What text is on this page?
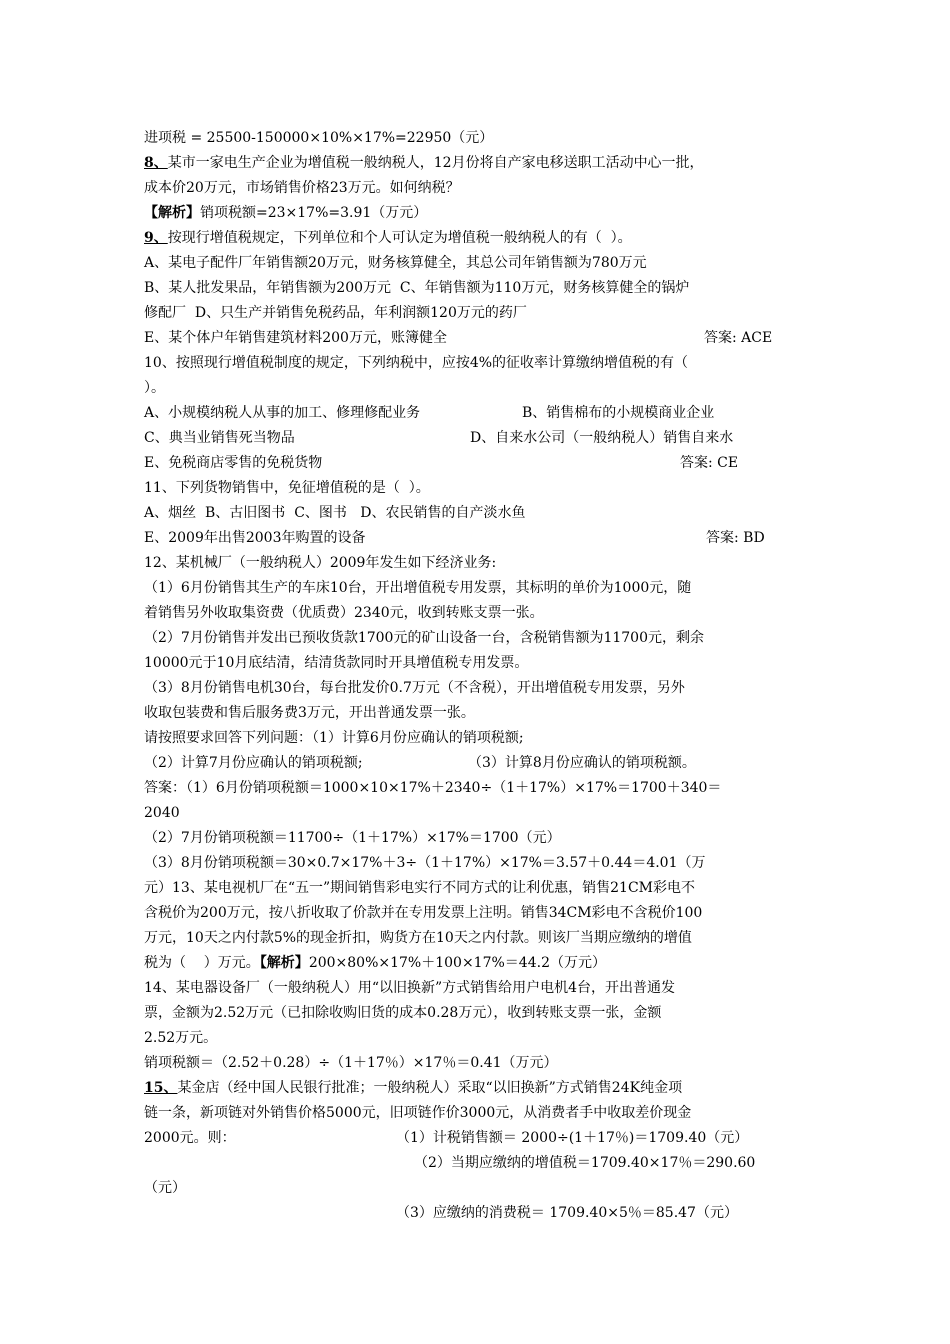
进项税 = 25500-150000×10%×17%=22950（元）
8、某市一家电生产企业为增值税一般纳税人，12月份将自产家电移送职工活动中心一批，
成本价20万元，市场销售价格23万元。如何纳税？
【解析】销项税额=23×17%=3.91（万元）
9、按现行增值税规定，下列单位和个人可认定为增值税一般纳税人的有（  ）。
A、某电子配件厂年销售额20万元，财务核算健全，其总公司年销售额为780万元
B、某人批发果品，年销售额为200万元  C、年销售额为110万元，财务核算健全的锅炉
修配厂  D、只生产并销售免税药品，年利润额120万元的药厂
E、某个体户年销售建筑材料200万元，账簿健全	答案: ACE
10、按照现行增值税制度的规定，下列纳税中，应按4%的征收率计算缴纳增值税的有（
）。
A、小规模纳税人从事的加工、修理修配业务	B、销售棉布的小规模商业企业
C、典当业销售死当物品	D、自来水公司（一般纳税人）销售自来水
E、免税商店零售的免税货物	答案: CE
11、下列货物销售中，免征增值税的是（  ）。
A、烟丝  B、古旧图书  C、图书   D、农民销售的自产淡水鱼
E、2009年出售2003年购置的设备	答案: BD
12、某机械厂（一般纳税人）2009年发生如下经济业务:
（1）6月份销售其生产的车床10台，开出增值税专用发票，其标明的单价为1000元，随
着销售另外收取集资费（优质费）2340元，收到转账支票一张。
（2）7月份销售并发出已预收货款1700元的矿山设备一台，含税销售额为11700元，剩余
10000元于10月底结清，结清货款同时开具增值税专用发票。
（3）8月份销售电机30台，每台批发价0.7万元（不含税），开出增值税专用发票，另外
收取包装费和售后服务费3万元，开出普通发票一张。
请按照要求回答下列问题：（1）计算6月份应确认的销项税额;
（2）计算7月份应确认的销项税额;	（3）计算8月份应确认的销项税额。
答案：（1）6月份销项税额＝1000×10×17%＋2340÷（1＋17%）×17%＝1700＋340＝
2040
（2）7月份销项税额＝11700÷（1＋17%）×17%＝1700（元）
（3）8月份销项税额＝30×0.7×17%＋3÷（1＋17%）×17%＝3.57＋0.44＝4.01（万
元）13、某电视机厂在“五一”期间销售彩电实行不同方式的让利优惠，销售21CM彩电不
含税价为200万元，按八折收取了价款并在专用发票上注明。销售34CM彩电不含税价100
万元，10天之内付款5%的现金折扣，购货方在10天之内付款。则该厂当期应缴纳的增值
税为（    ）万元。【解析】200×80%×17%＋100×17%＝44.2（万元）
14、某电器设备厂（一般纳税人）用“以旧换新”方式销售给用户电机4台，开出普通发
票，金额为2.52万元（已扣除收购旧货的成本0.28万元），收到转账支票一张，金额
2.52万元。
销项税额＝（2.52＋0.28）÷（1＋17％）×17％＝0.41（万元）
15、某金店（经中国人民银行批准；一般纳税人）采取“以旧换新”方式销售24K纯金项
链一条，新项链对外销售价格5000元，旧项链作价3000元，从消费者手中收取差价现金
2000元。则：	（1）计税销售额＝ 2000÷(1＋17％)＝1709.40（元）
（2）当期应缴纳的增值税＝1709.40×17％＝290.60
（元）
（3）应缴纳的消费税＝ 1709.40×5％＝85.47（元）
